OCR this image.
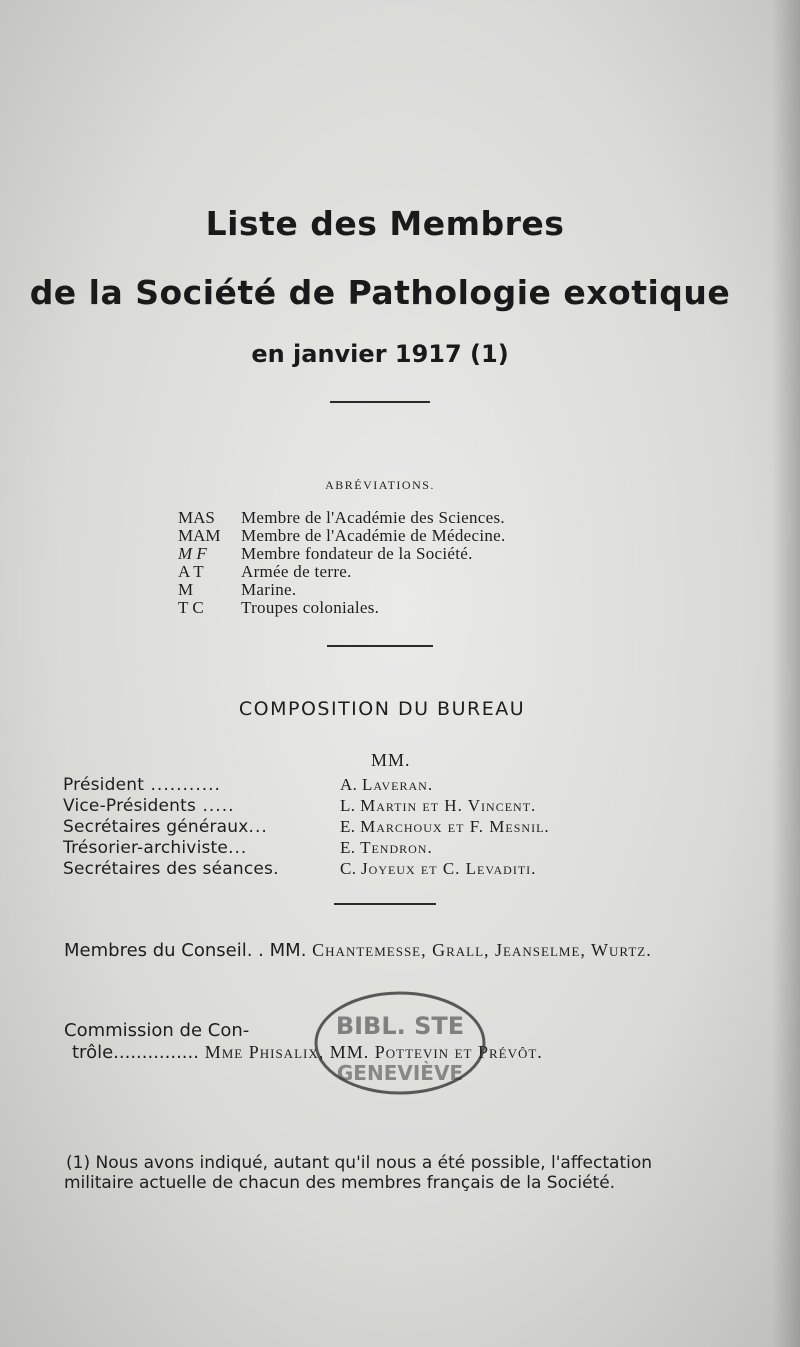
Liste des Membres
de la Société de Pathologie exotique
en janvier 1917 (1)
ABRÉVIATIONS.
MAS Membre de l'Académie des Sciences.
MAM Membre de l'Académie de Médecine.
M F Membre fondateur de la Société.
A T Armée de terre.
M	Marine.
T C Troupes coloniales.
COMPOSITION DU BUREAU
MM.
Président ...........	A. Laveran.
Vice-Présidents .....	L. Martin et H. Vincent.
Secrétaires généraux...	E. Marchoux et F. Mesnil.
Trésorier-archiviste...	E. Tendron.
Secrétaires des séances.	C. Joyeux et C. Levaditi.
Membres du Conseil. . MM. Chantemesse, Grall, Jeanselme, Wurtz.
Commission de Con-
trôle............... Mme Phisalix, MM. Pottevin et Prévôt.
BIBL. STE
GENEVIÈVE
(1) Nous avons indiqué, autant qu'il nous a été possible, l'affectation
militaire actuelle de chacun des membres français de la Société.
